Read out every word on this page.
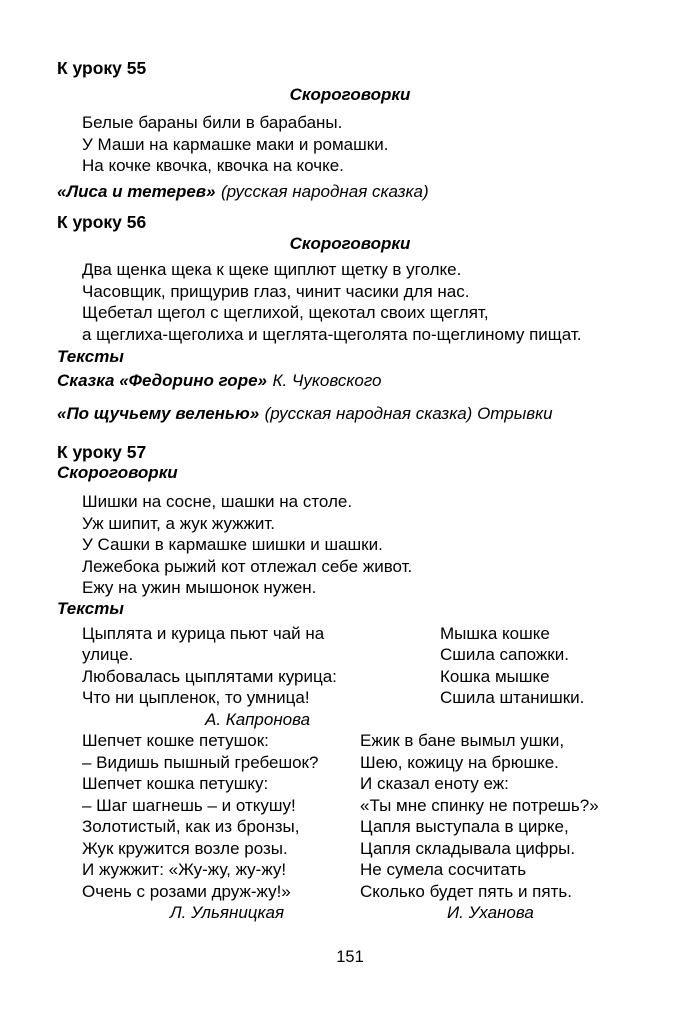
К уроку 55
Скороговорки
Белые бараны били в барабаны.
У Маши на кармашке маки и ромашки.
На кочке квочка, квочка на кочке.
«Лиса и тетерев» (русская народная сказка)
К уроку 56
Скороговорки
Два щенка щека к щеке щиплют щетку в уголке.
Часовщик, прищурив глаз, чинит часики для нас.
Щебетал щегол с щеглихой, щекотал своих щеглят,
а щеглиха-щеголиха и щеглята-щеголята по-щеглиному пищат.
Тексты
Сказка «Федорино горе» К. Чуковского
«По щучьему веленью» (русская народная сказка) Отрывки
К уроку 57
Скороговорки
Шишки на сосне, шашки на столе.
Уж шипит, а жук жужжит.
У Сашки в кармашке шишки и шашки.
Лежебока рыжий кот отлежал себе живот.
Ежу на ужин мышонок нужен.
Тексты
Цыплята и курица пьют чай на улице.
Любовалась цыплятами курица:
Что ни цыпленок, то умница!
А. Капронова
Мышка кошке
Сшила сапожки.
Кошка мышке
Сшила штанишки.
Шепчет кошке петушок:
– Видишь пышный гребешок?
Шепчет кошка петушку:
– Шаг шагнешь – и откушу!
Ежик в бане вымыл ушки,
Шею, кожицу на брюшке.
И сказал еноту еж:
«Ты мне спинку не потрешь?»
Золотистый, как из бронзы,
Жук кружится возле розы.
И жужжит: «Жу-жу, жу-жу!
Очень с розами друж-жу!»
Л. Ульяницкая
Цапля выступала в цирке,
Цапля складывала цифры.
Не сумела сосчитать
Сколько будет пять и пять.
И. Уханова
151
